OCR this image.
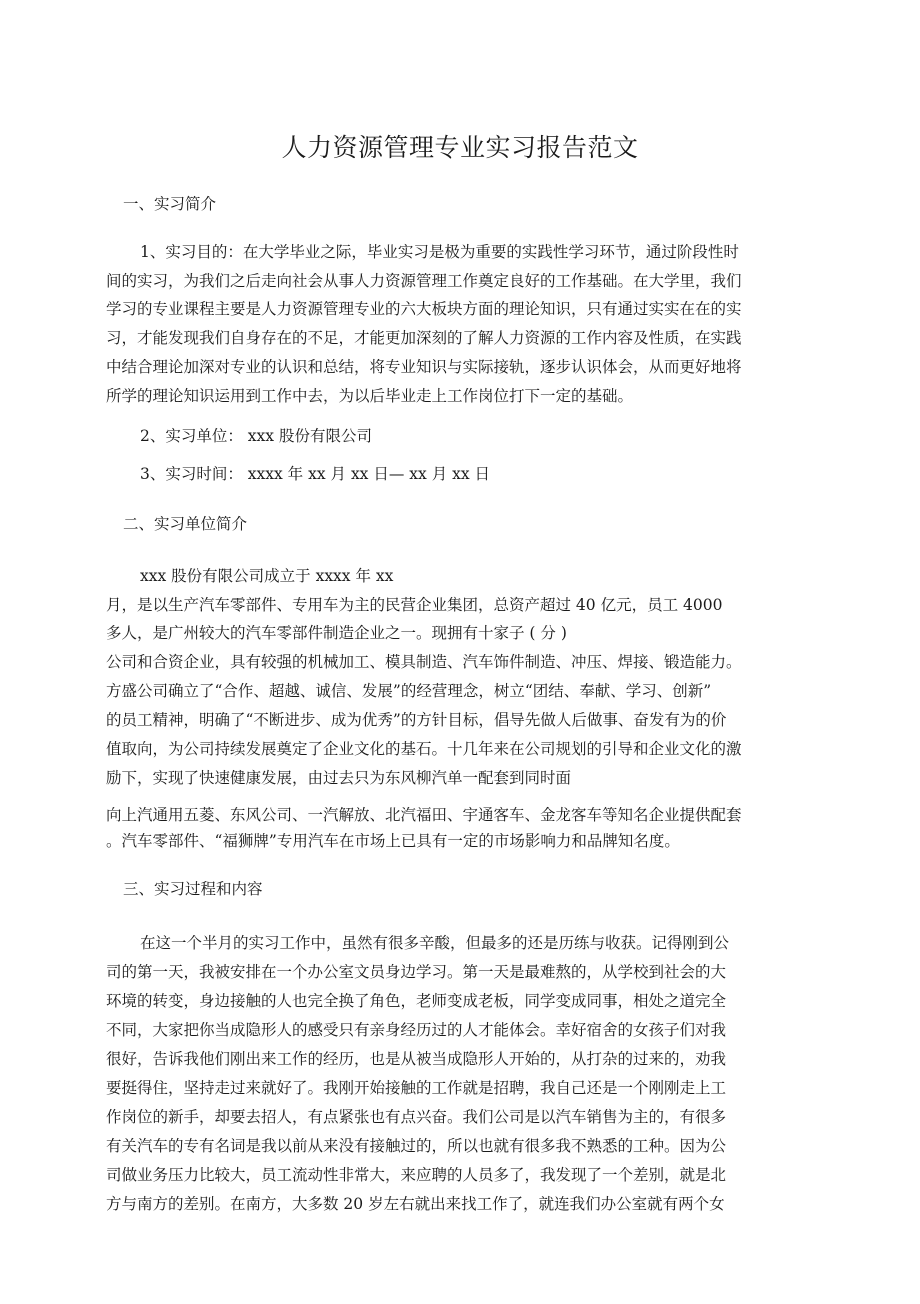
人力资源管理专业实习报告范文

一、实习简介

1、实习目的：在大学毕业之际，毕业实习是极为重要的实践性学习环节，通过阶段性时

间的实习，为我们之后走向社会从事人力资源管理工作奠定良好的工作基础。在大学里，我们

学习的专业课程主要是人力资源管理专业的六大板块方面的理论知识，只有通过实实在在的实

习，才能发现我们自身存在的不足，才能更加深刻的了解人力资源的工作内容及性质，在实践

中结合理论加深对专业的认识和总结，将专业知识与实际接轨，逐步认识体会，从而更好地将

所学的理论知识运用到工作中去，为以后毕业走上工作岗位打下一定的基础。

2、实习单位： xxx 股份有限公司

3、实习时间： xxxx 年 xx 月 xx 日— xx 月 xx 日

二、实习单位简介

xxx 股份有限公司成立于 xxxx 年 xx

月，是以生产汽车零部件、专用车为主的民营企业集团，总资产超过 40 亿元，员工 4000

多人，是广州较大的汽车零部件制造企业之一。现拥有十家子 ( 分 )

公司和合资企业，具有较强的机械加工、模具制造、汽车饰件制造、冲压、焊接、锻造能力。

方盛公司确立了“合作、超越、诚信、发展”的经营理念，树立“团结、奉献、学习、创新”

的员工精神，明确了“不断进步、成为优秀”的方针目标，倡导先做人后做事、奋发有为的价

值取向，为公司持续发展奠定了企业文化的基石。十几年来在公司规划的引导和企业文化的激

励下，实现了快速健康发展，由过去只为东风柳汽单一配套到同时面

向上汽通用五菱、东风公司、一汽解放、北汽福田、宇通客车、金龙客车等知名企业提供配套

。汽车零部件、“福狮牌”专用汽车在市场上已具有一定的市场影响力和品牌知名度。

三、实习过程和内容

在这一个半月的实习工作中，虽然有很多辛酸，但最多的还是历练与收获。记得刚到公

司的第一天，我被安排在一个办公室文员身边学习。第一天是最难熬的，从学校到社会的大

环境的转变，身边接触的人也完全换了角色，老师变成老板，同学变成同事，相处之道完全

不同，大家把你当成隐形人的感受只有亲身经历过的人才能体会。幸好宿舍的女孩子们对我

很好，告诉我他们刚出来工作的经历，也是从被当成隐形人开始的，从打杂的过来的，劝我

要挺得住，坚持走过来就好了。我刚开始接触的工作就是招聘，我自己还是一个刚刚走上工

作岗位的新手，却要去招人，有点紧张也有点兴奋。我们公司是以汽车销售为主的，有很多

有关汽车的专有名词是我以前从来没有接触过的，所以也就有很多我不熟悉的工种。因为公

司做业务压力比较大，员工流动性非常大，来应聘的人员多了，我发现了一个差别，就是北

方与南方的差别。在南方，大多数 20 岁左右就出来找工作了，就连我们办公室就有两个女
